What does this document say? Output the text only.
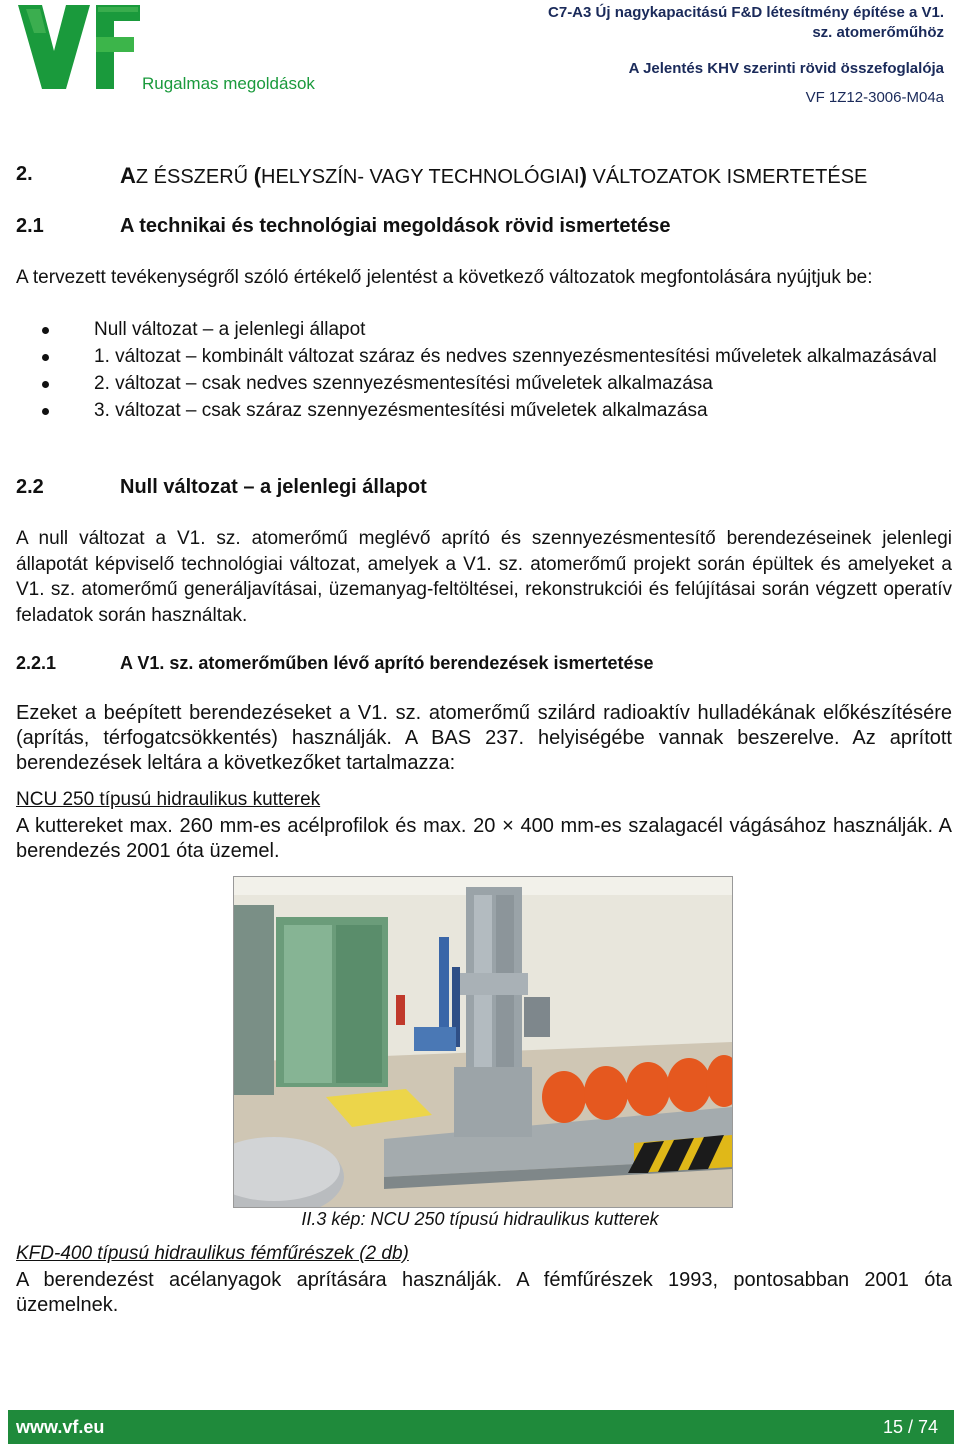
Rugalmas megoldások
C7-A3 Új nagykapacitású F&D létesítmény építése a V1.
sz. atomerőműhöz
A Jelentés KHV szerinti rövid összefoglalója
VF 1Z12-3006-M04a
2.	AZ ÉSSZERŰ (HELYSZÍN- VAGY TECHNOLÓGIAI) VÁLTOZATOK ISMERTETÉSE
2.1	A technikai és technológiai megoldások rövid ismertetése
A tervezett tevékenységről szóló értékelő jelentést a következő változatok megfontolására nyújtjuk be:
Null változat – a jelenlegi állapot
1. változat – kombinált változat száraz és nedves szennyezésmentesítési műveletek alkalmazásával
2. változat – csak nedves szennyezésmentesítési műveletek alkalmazása
3. változat – csak száraz szennyezésmentesítési műveletek alkalmazása
2.2	Null változat – a jelenlegi állapot
A null változat a V1. sz. atomerőmű meglévő aprító és szennyezésmentesítő berendezéseinek jelenlegi állapotát képviselő technológiai változat, amelyek a V1. sz. atomerőmű projekt során épültek és amelyeket a V1. sz. atomerőmű generáljavításai, üzemanyag-feltöltései, rekonstrukciói és felújításai során végzett operatív feladatok során használtak.
2.2.1	A V1. sz. atomerőműben lévő aprító berendezések ismertetése
Ezeket a beépített berendezéseket a V1. sz. atomerőmű szilárd radioaktív hulladékának előkészítésére (aprítás, térfogatcsökkentés) használják. A BAS 237. helyiségébe vannak beszerelve. Az aprított berendezések leltára a következőket tartalmazza:
NCU 250 típusú hidraulikus kutterek
A kuttereket max. 260 mm-es acélprofilok és max. 20 × 400 mm-es szalagacél vágásához használják. A berendezés 2001 óta üzemel.
II.3 kép: NCU 250 típusú hidraulikus kutterek
KFD-400 típusú hidraulikus fémfűrészek (2 db)
A berendezést acélanyagok aprítására használják. A fémfűrészek 1993, pontosabban 2001 óta üzemelnek.
www.vf.eu	15 / 74
